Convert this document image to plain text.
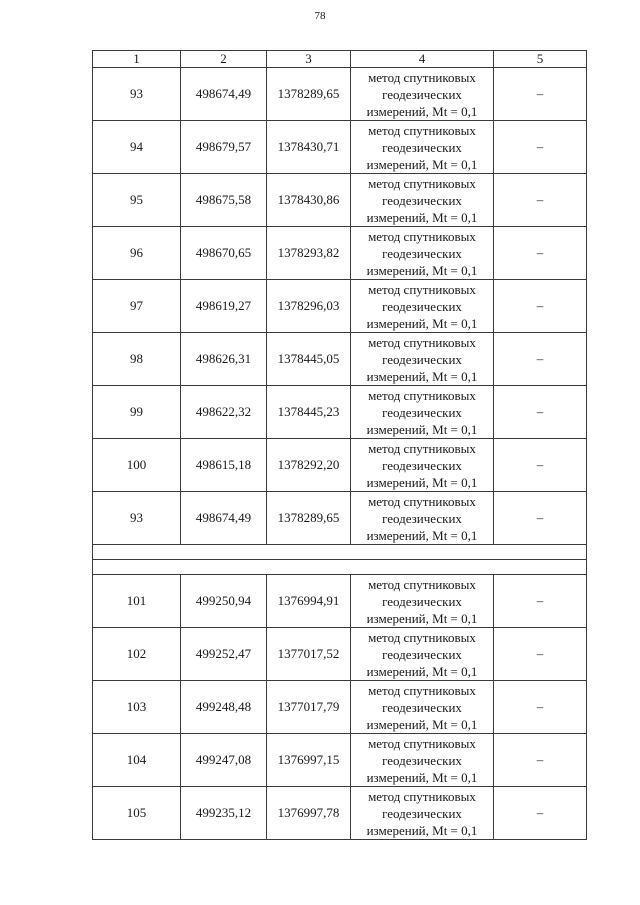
78
1	2	3	4	5
93	498674,49	1378289,65	метод спутниковых
геодезических
измерений, Mt = 0,1	–
94	498679,57	1378430,71	метод спутниковых
геодезических
измерений, Mt = 0,1	–
95	498675,58	1378430,86	метод спутниковых
геодезических
измерений, Mt = 0,1	–
96	498670,65	1378293,82	метод спутниковых
геодезических
измерений, Mt = 0,1	–
97	498619,27	1378296,03	метод спутниковых
геодезических
измерений, Mt = 0,1	–
98	498626,31	1378445,05	метод спутниковых
геодезических
измерений, Mt = 0,1	–
99	498622,32	1378445,23	метод спутниковых
геодезических
измерений, Mt = 0,1	–
100	498615,18	1378292,20	метод спутниковых
геодезических
измерений, Mt = 0,1	–
93	498674,49	1378289,65	метод спутниковых
геодезических
измерений, Mt = 0,1	–

101	499250,94	1376994,91	метод спутниковых
геодезических
измерений, Mt = 0,1	–
102	499252,47	1377017,52	метод спутниковых
геодезических
измерений, Mt = 0,1	–
103	499248,48	1377017,79	метод спутниковых
геодезических
измерений, Mt = 0,1	–
104	499247,08	1376997,15	метод спутниковых
геодезических
измерений, Mt = 0,1	–
105	499235,12	1376997,78	метод спутниковых
геодезических
измерений, Mt = 0,1	–
